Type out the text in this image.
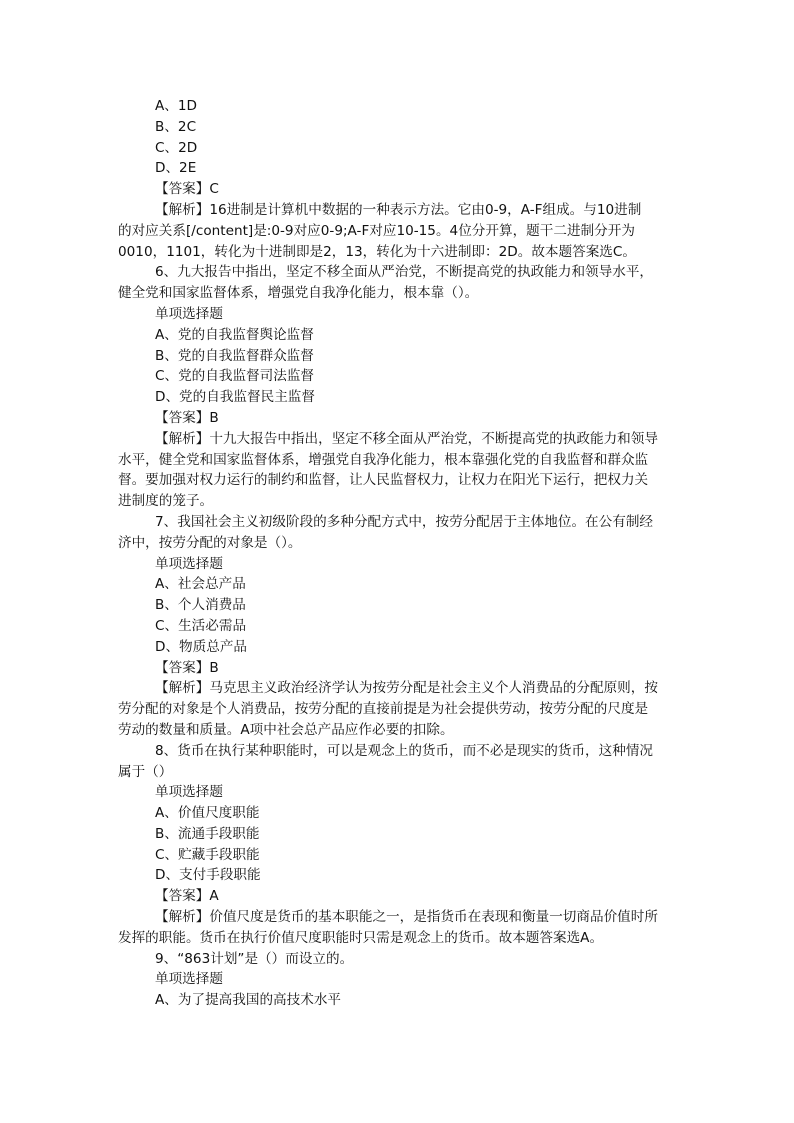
A、1D

B、2C

C、2D

D、2E

【答案】C

【解析】16进制是计算机中数据的一种表示方法。它由0-9，A-F组成。与10进制

的对应关系[/content]是:0-9对应0-9;A-F对应10-15。4位分开算，题干二进制分开为

0010，1101，转化为十进制即是2，13，转化为十六进制即：2D。故本题答案选C。

6、九大报告中指出，坚定不移全面从严治党，不断提高党的执政能力和领导水平，

健全党和国家监督体系，增强党自我净化能力，根本靠（）。

单项选择题

A、党的自我监督舆论监督

B、党的自我监督群众监督

C、党的自我监督司法监督

D、党的自我监督民主监督

【答案】B

【解析】十九大报告中指出，坚定不移全面从严治党，不断提高党的执政能力和领导

水平，健全党和国家监督体系，增强党自我净化能力，根本靠强化党的自我监督和群众监

督。要加强对权力运行的制约和监督，让人民监督权力，让权力在阳光下运行，把权力关

进制度的笼子。

7、我国社会主义初级阶段的多种分配方式中，按劳分配居于主体地位。在公有制经

济中，按劳分配的对象是（）。

单项选择题

A、社会总产品

B、个人消费品

C、生活必需品

D、物质总产品

【答案】B

【解析】马克思主义政治经济学认为按劳分配是社会主义个人消费品的分配原则，按

劳分配的对象是个人消费品，按劳分配的直接前提是为社会提供劳动，按劳分配的尺度是

劳动的数量和质量。A项中社会总产品应作必要的扣除。

8、货币在执行某种职能时，可以是观念上的货币，而不必是现实的货币，这种情况

属于（）

单项选择题

A、价值尺度职能

B、流通手段职能

C、贮藏手段职能

D、支付手段职能

【答案】A

【解析】价值尺度是货币的基本职能之一，是指货币在表现和衡量一切商品价值时所

发挥的职能。货币在执行价值尺度职能时只需是观念上的货币。故本题答案选A。

9、“863计划”是（）而设立的。

单项选择题

A、为了提高我国的高技术水平
